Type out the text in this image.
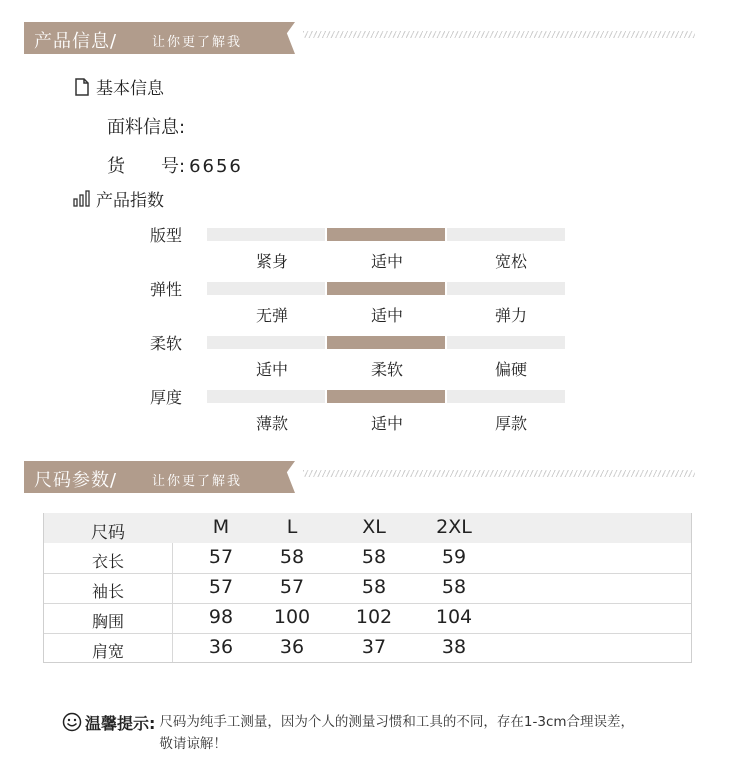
产品信息/	让你更了解我
基本信息
面料信息:
货　　号: 6656
产品指数
版型
紧身	适中	宽松
弹性
无弹	适中	弹力
柔软
适中	柔软	偏硬
厚度
薄款	适中	厚款
尺码参数/	让你更了解我
尺码	M	L	XL	2XL
衣长	57	58	58	59
袖长	57	57	58	58
胸围	98	100	102	104
肩宽	36	36	37	38
温馨提示: 尺码为纯手工测量，因为个人的测量习惯和工具的不同，存在1-3cm合理误差，敬请谅解！
